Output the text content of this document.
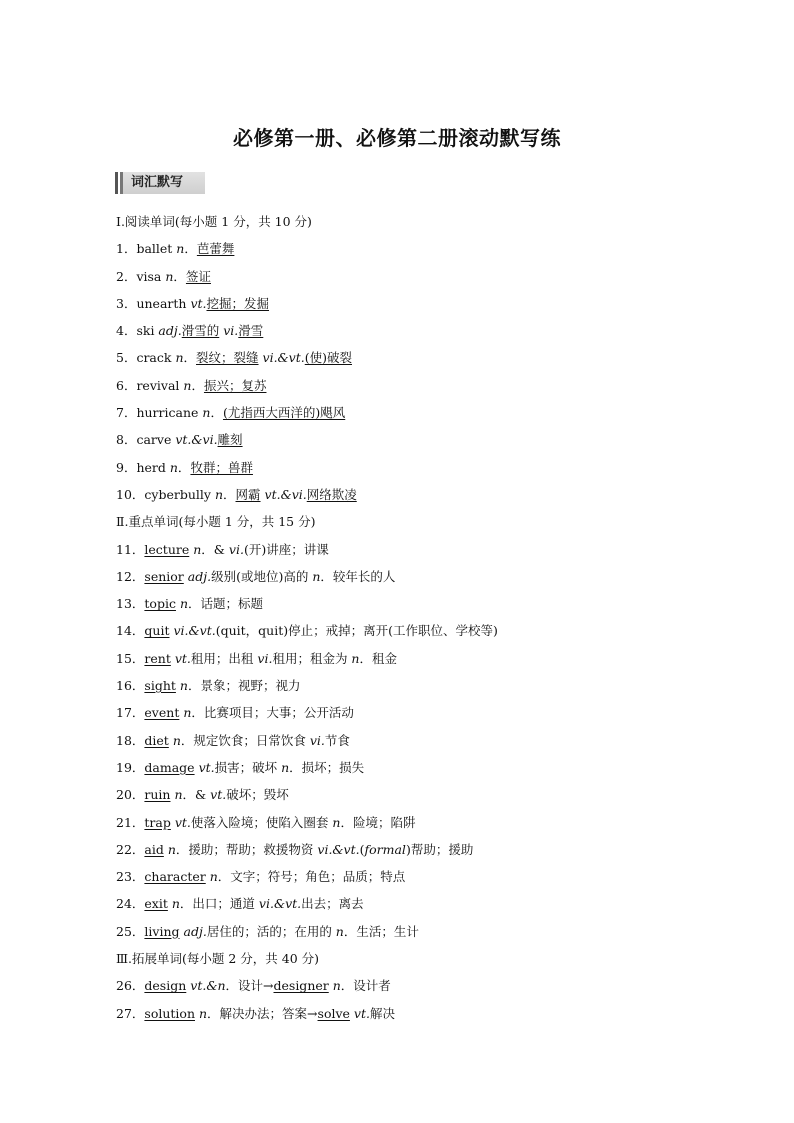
必修第一册、必修第二册滚动默写练
词汇默写
Ⅰ.阅读单词(每小题 1 分，共 10 分)
1．ballet n．芭蕾舞
2．visa n．签证
3．unearth vt.挖掘；发掘
4．ski adj.滑雪的 vi.滑雪
5．crack n．裂纹；裂缝 vi.&vt.(使)破裂
6．revival n．振兴；复苏
7．hurricane n．(尤指西大西洋的)飓风
8．carve vt.&vi.雕刻
9．herd n．牧群；兽群
10．cyberbully n．网霸 vt.&vi.网络欺凌
Ⅱ.重点单词(每小题 1 分，共 15 分)
11．lecture n．& vi.(开)讲座；讲课
12．senior adj.级别(或地位)高的 n．较年长的人
13．topic n．话题；标题
14．quit vi.&vt.(quit，quit)停止；戒掉；离开(工作职位、学校等)
15．rent vt.租用；出租 vi.租用；租金为 n．租金
16．sight n．景象；视野；视力
17．event n．比赛项目；大事；公开活动
18．diet n．规定饮食；日常饮食 vi.节食
19．damage vt.损害；破坏 n．损坏；损失
20．ruin n．& vt.破坏；毁坏
21．trap vt.使落入险境；使陷入圈套 n．险境；陷阱
22．aid n．援助；帮助；救援物资 vi.&vt.(formal)帮助；援助
23．character n．文字；符号；角色；品质；特点
24．exit n．出口；通道 vi.&vt.出去；离去
25．living adj.居住的；活的；在用的 n．生活；生计
Ⅲ.拓展单词(每小题 2 分，共 40 分)
26．design vt.&n．设计→designer n．设计者
27．solution n．解决办法；答案→solve vt.解决
